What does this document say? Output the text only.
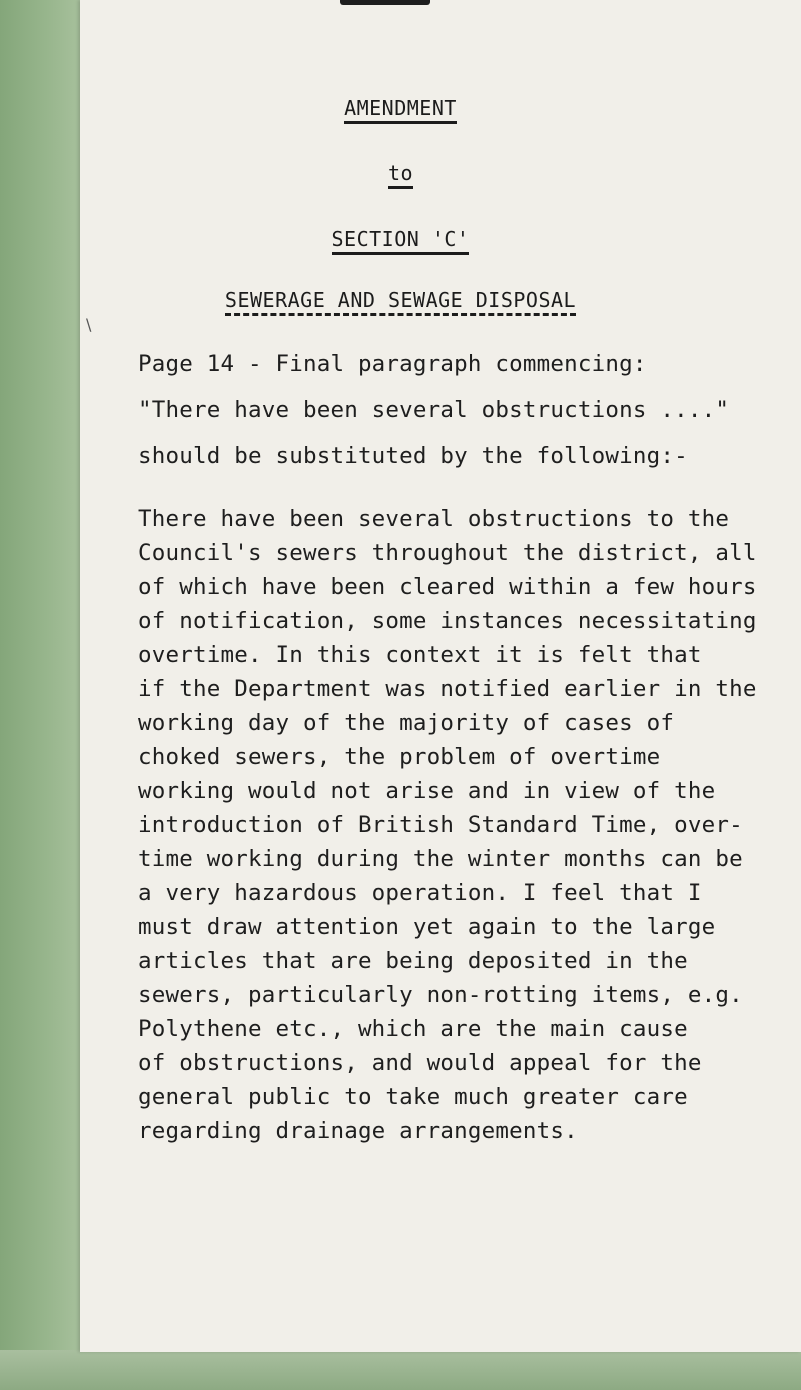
AMENDMENT
to
SECTION 'C'
SEWERAGE AND SEWAGE DISPOSAL
\
Page 14 - Final paragraph commencing:
"There have been several obstructions ...."
should be substituted by the following:-
There have been several obstructions to the
Council's sewers throughout the district, all
of which have been cleared within a few hours
of notification, some instances necessitating
overtime. In this context it is felt that
if the Department was notified earlier in the
working day of the majority of cases of
choked sewers, the problem of overtime
working would not arise and in view of the
introduction of British Standard Time, over-
time working during the winter months can be
a very hazardous operation. I feel that I
must draw attention yet again to the large
articles that are being deposited in the
sewers, particularly non-rotting items, e.g.
Polythene etc., which are the main cause
of obstructions, and would appeal for the
general public to take much greater care
regarding drainage arrangements.
